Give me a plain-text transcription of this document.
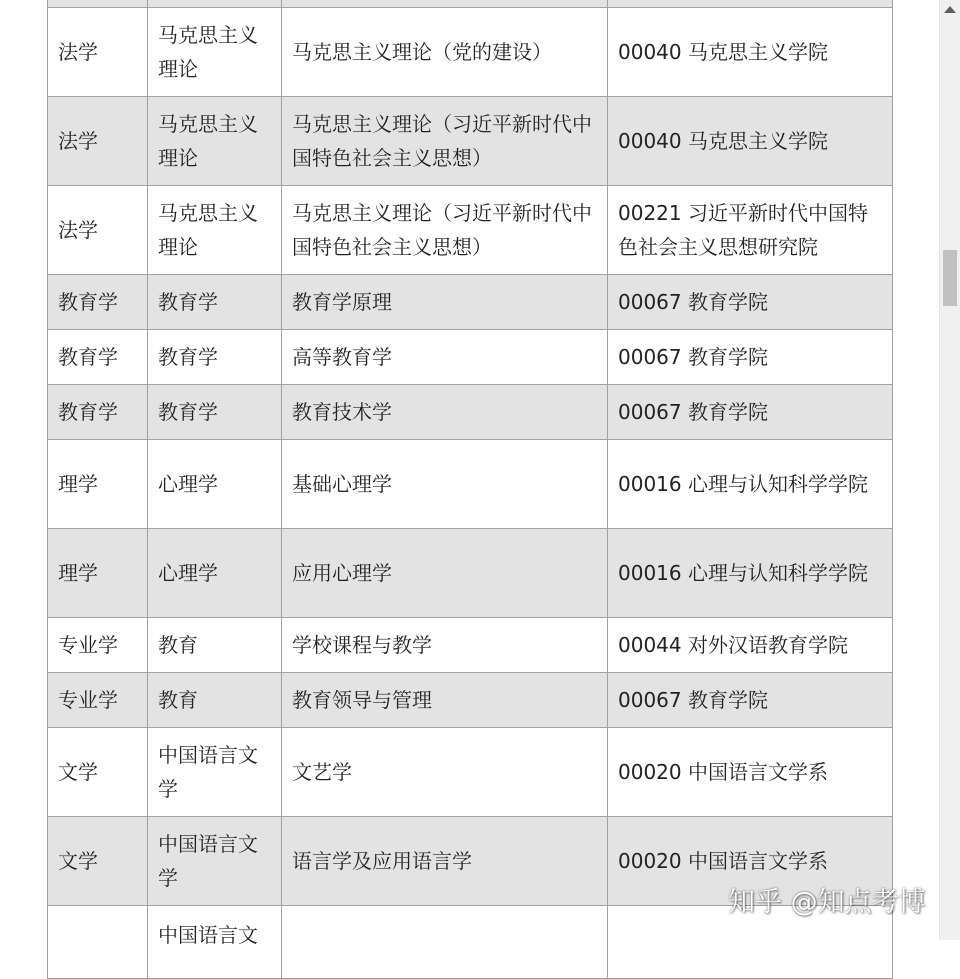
法学	马克思主义理论	马克思主义理论（党的建设）	00040 马克思主义学院
法学	马克思主义理论	马克思主义理论（习近平新时代中国特色社会主义思想）	00040 马克思主义学院
法学	马克思主义理论	马克思主义理论（习近平新时代中国特色社会主义思想）	00221 习近平新时代中国特色社会主义思想研究院
教育学	教育学	教育学原理	00067 教育学院
教育学	教育学	高等教育学	00067 教育学院
教育学	教育学	教育技术学	00067 教育学院
理学	心理学	基础心理学	00016 心理与认知科学学院
理学	心理学	应用心理学	00016 心理与认知科学学院
专业学	教育	学校课程与教学	00044 对外汉语教育学院
专业学	教育	教育领导与管理	00067 教育学院
文学	中国语言文学	文艺学	00020 中国语言文学系
文学	中国语言文学	语言学及应用语言学	00020 中国语言文学系
	中国语言文		
知乎 @知点考博
